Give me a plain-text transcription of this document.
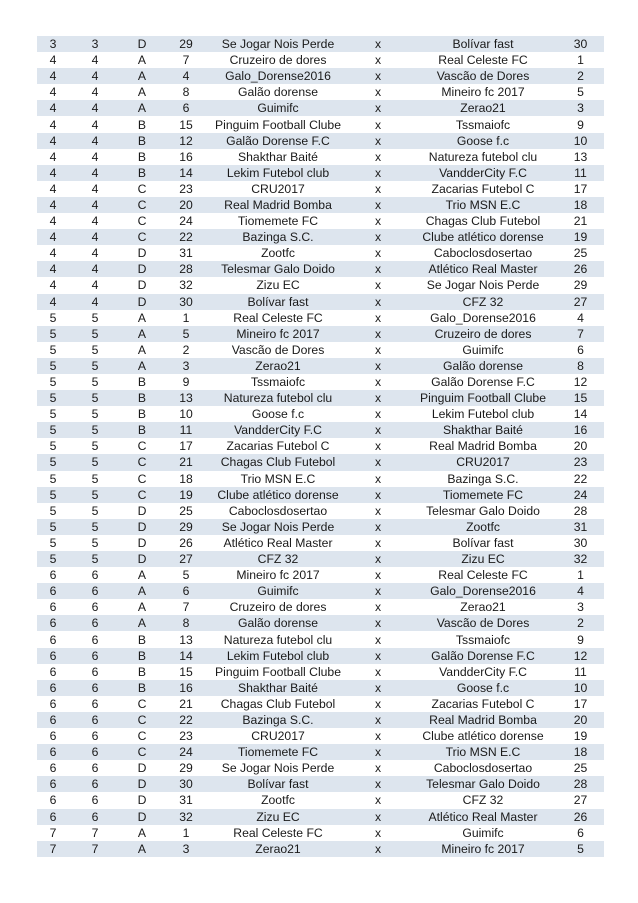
3	3	D	29	Se Jogar Nois Perde	x	Bolívar fast	30
4	4	A	7	Cruzeiro de dores	x	Real Celeste FC	1
4	4	A	4	Galo_Dorense2016	x	Vascão de Dores	2
4	4	A	8	Galão dorense	x	Mineiro fc 2017	5
4	4	A	6	Guimifc	x	Zerao21	3
4	4	B	15	Pinguim Football Clube	x	Tssmaiofc	9
4	4	B	12	Galão Dorense F.C	x	Goose f.c	10
4	4	B	16	Shakthar Baité	x	Natureza futebol clu	13
4	4	B	14	Lekim Futebol club	x	VandderCity F.C	11
4	4	C	23	CRU2017	x	Zacarias Futebol C	17
4	4	C	20	Real Madrid Bomba	x	Trio MSN E.C	18
4	4	C	24	Tiomemete FC	x	Chagas Club Futebol	21
4	4	C	22	Bazinga S.C.	x	Clube atlético dorense	19
4	4	D	31	Zootfc	x	Caboclosdosertao	25
4	4	D	28	Telesmar Galo Doido	x	Atlético Real Master	26
4	4	D	32	Zizu EC	x	Se Jogar Nois Perde	29
4	4	D	30	Bolívar fast	x	CFZ 32	27
5	5	A	1	Real Celeste FC	x	Galo_Dorense2016	4
5	5	A	5	Mineiro fc 2017	x	Cruzeiro de dores	7
5	5	A	2	Vascão de Dores	x	Guimifc	6
5	5	A	3	Zerao21	x	Galão dorense	8
5	5	B	9	Tssmaiofc	x	Galão Dorense F.C	12
5	5	B	13	Natureza futebol clu	x	Pinguim Football Clube	15
5	5	B	10	Goose f.c	x	Lekim Futebol club	14
5	5	B	11	VandderCity F.C	x	Shakthar Baité	16
5	5	C	17	Zacarias Futebol C	x	Real Madrid Bomba	20
5	5	C	21	Chagas Club Futebol	x	CRU2017	23
5	5	C	18	Trio MSN E.C	x	Bazinga S.C.	22
5	5	C	19	Clube atlético dorense	x	Tiomemete FC	24
5	5	D	25	Caboclosdosertao	x	Telesmar Galo Doido	28
5	5	D	29	Se Jogar Nois Perde	x	Zootfc	31
5	5	D	26	Atlético Real Master	x	Bolívar fast	30
5	5	D	27	CFZ 32	x	Zizu EC	32
6	6	A	5	Mineiro fc 2017	x	Real Celeste FC	1
6	6	A	6	Guimifc	x	Galo_Dorense2016	4
6	6	A	7	Cruzeiro de dores	x	Zerao21	3
6	6	A	8	Galão dorense	x	Vascão de Dores	2
6	6	B	13	Natureza futebol clu	x	Tssmaiofc	9
6	6	B	14	Lekim Futebol club	x	Galão Dorense F.C	12
6	6	B	15	Pinguim Football Clube	x	VandderCity F.C	11
6	6	B	16	Shakthar Baité	x	Goose f.c	10
6	6	C	21	Chagas Club Futebol	x	Zacarias Futebol C	17
6	6	C	22	Bazinga S.C.	x	Real Madrid Bomba	20
6	6	C	23	CRU2017	x	Clube atlético dorense	19
6	6	C	24	Tiomemete FC	x	Trio MSN E.C	18
6	6	D	29	Se Jogar Nois Perde	x	Caboclosdosertao	25
6	6	D	30	Bolívar fast	x	Telesmar Galo Doido	28
6	6	D	31	Zootfc	x	CFZ 32	27
6	6	D	32	Zizu EC	x	Atlético Real Master	26
7	7	A	1	Real Celeste FC	x	Guimifc	6
7	7	A	3	Zerao21	x	Mineiro fc 2017	5
